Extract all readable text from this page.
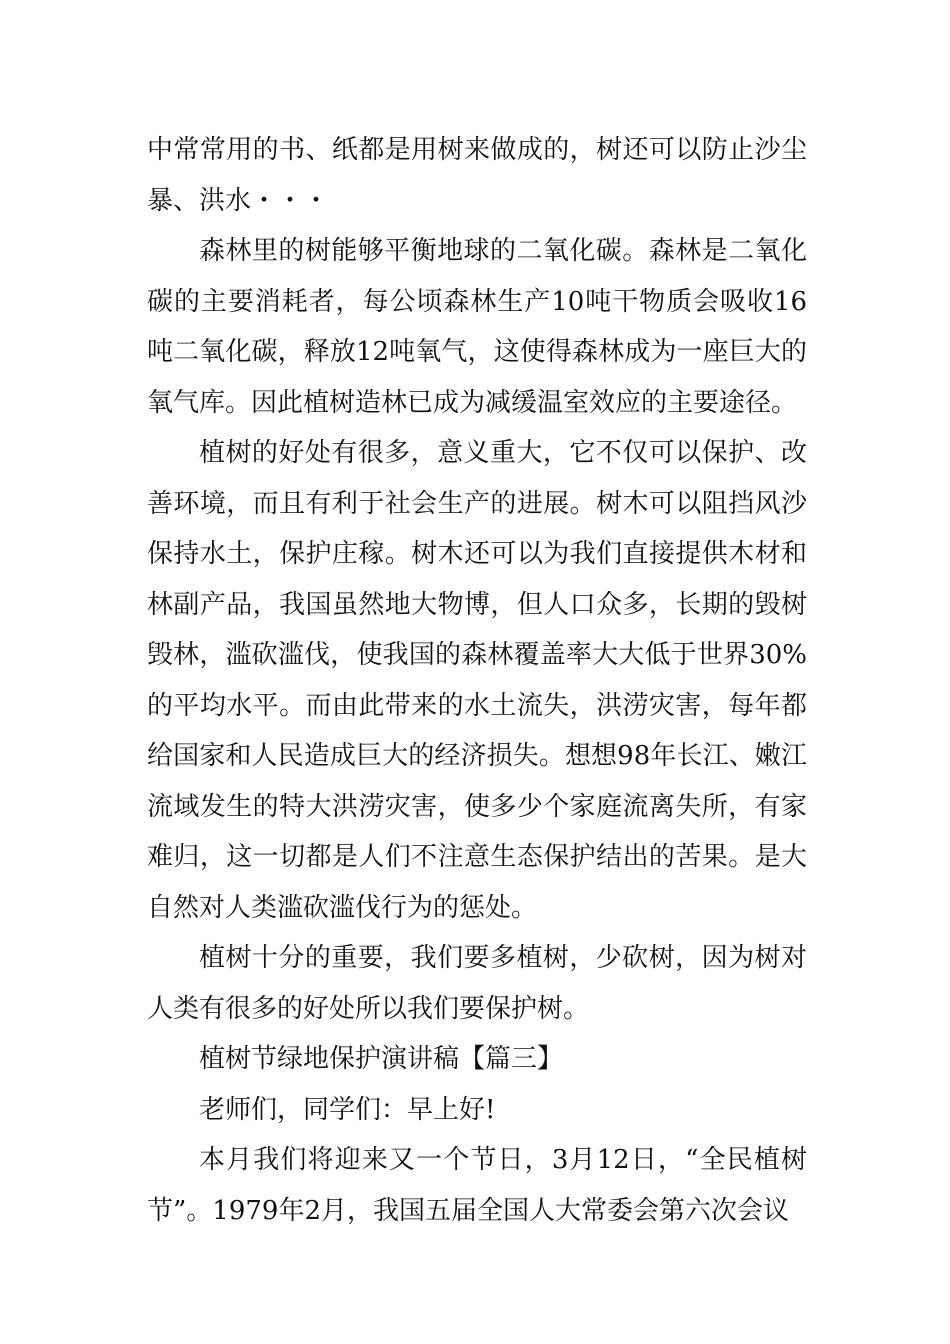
中常常用的书、纸都是用树来做成的，树还可以防止沙尘暴、洪水・・・

森林里的树能够平衡地球的二氧化碳。森林是二氧化碳的主要消耗者，每公顷森林生产10吨干物质会吸收16吨二氧化碳，释放12吨氧气，这使得森林成为一座巨大的氧气库。因此植树造林已成为减缓温室效应的主要途径。

植树的好处有很多，意义重大，它不仅可以保护、改善环境，而且有利于社会生产的进展。树木可以阻挡风沙保持水土，保护庄稼。树木还可以为我们直接提供木材和林副产品，我国虽然地大物博，但人口众多，长期的毁树毁林，滥砍滥伐，使我国的森林覆盖率大大低于世界30%的平均水平。而由此带来的水土流失，洪涝灾害，每年都给国家和人民造成巨大的经济损失。想想98年长江、嫩江流域发生的特大洪涝灾害，使多少个家庭流离失所，有家难归，这一切都是人们不注意生态保护结出的苦果。是大自然对人类滥砍滥伐行为的惩处。

植树十分的重要，我们要多植树，少砍树，因为树对人类有很多的好处所以我们要保护树。

植树节绿地保护演讲稿【篇三】

老师们，同学们：早上好!

本月我们将迎来又一个节日，3月12日，“全民植树节”。1979年2月，我国五届全国人大常委会第六次会议
